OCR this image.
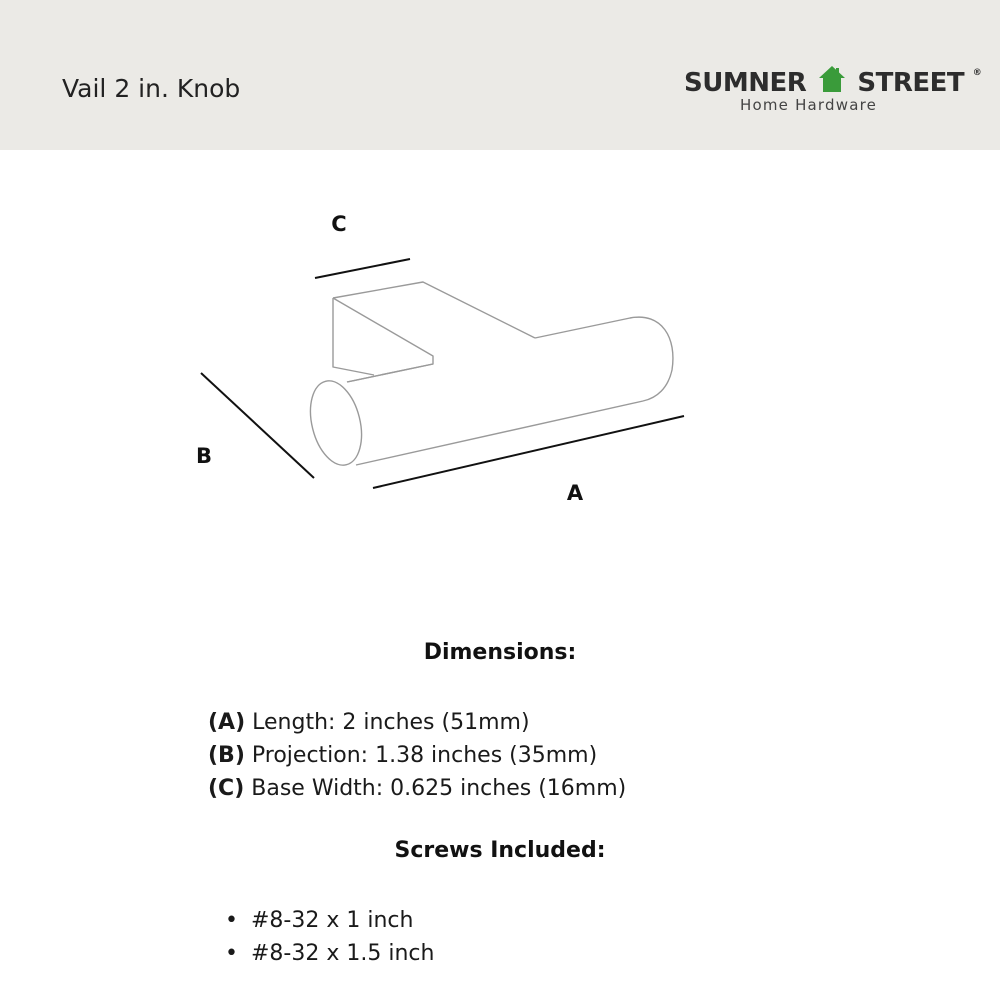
Vail 2 in. Knob	SUMNER STREET ®
Home Hardware
C
B
A
Dimensions:
(A) Length: 2 inches (51mm)
(B) Projection: 1.38 inches (35mm)
(C) Base Width: 0.625 inches (16mm)
Screws Included:
• #8-32 x 1 inch
• #8-32 x 1.5 inch
